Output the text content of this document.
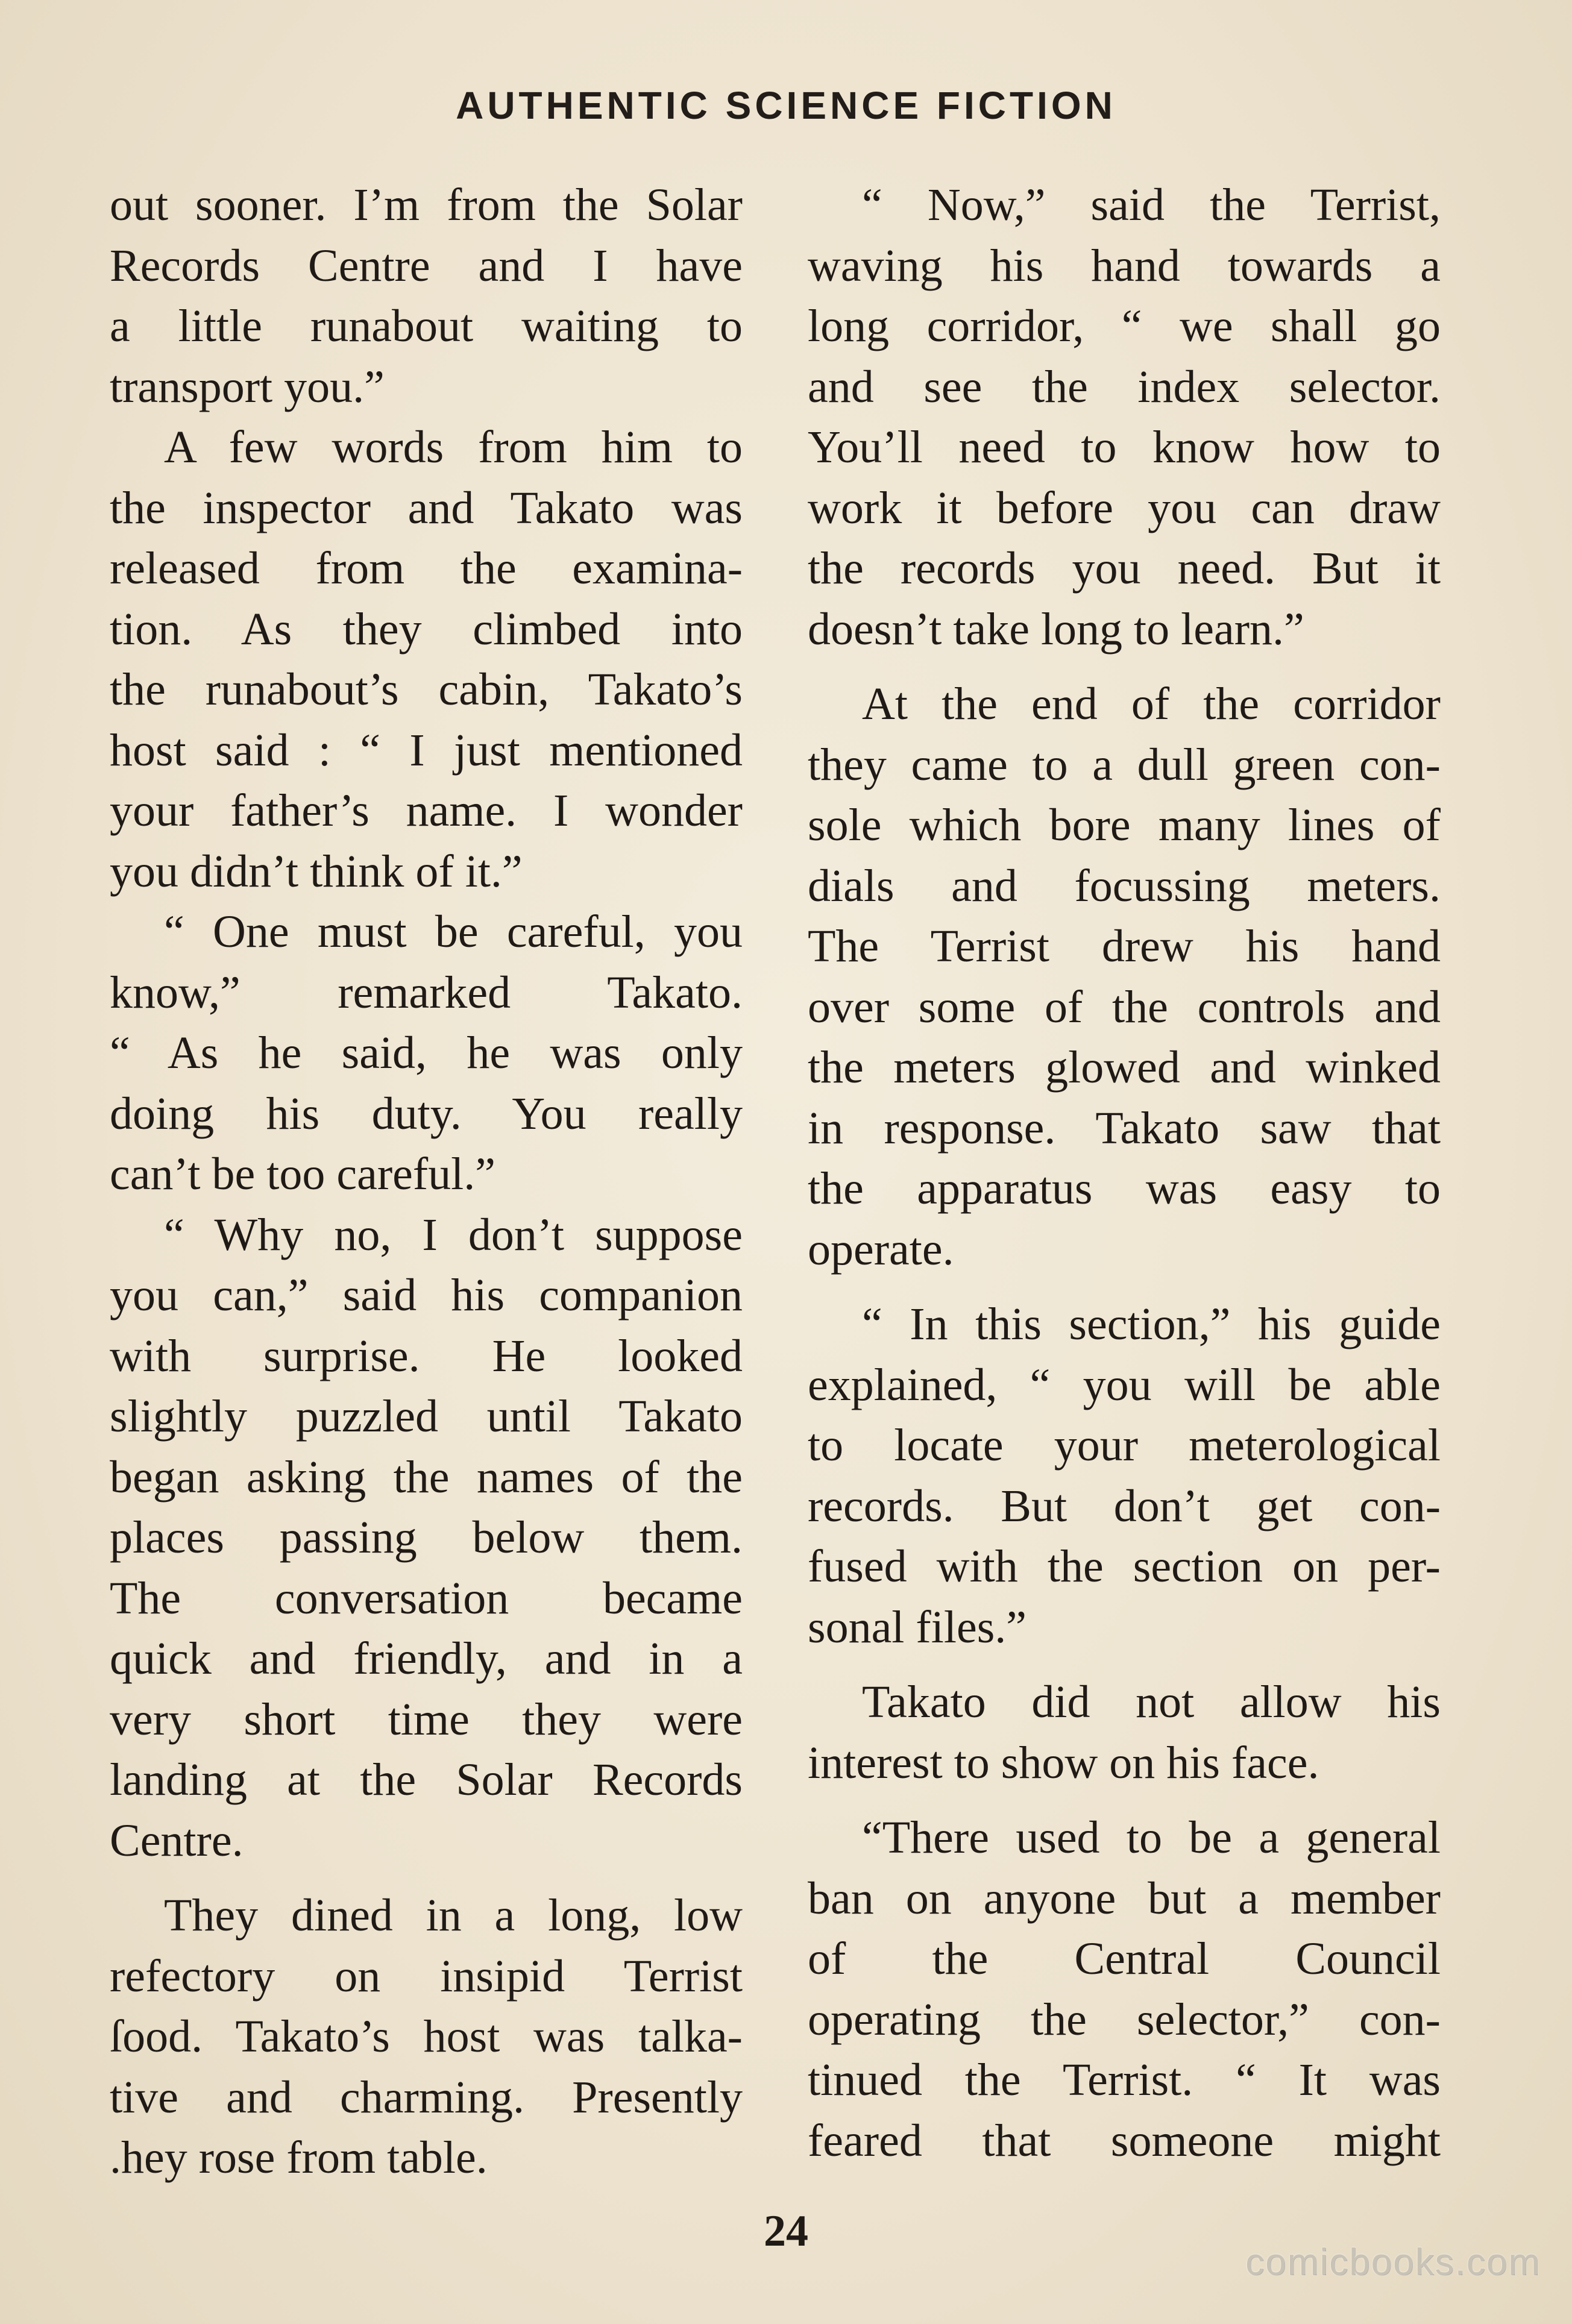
AUTHENTIC SCIENCE FICTION
out sooner. I’m from the Solar
Records Centre and I have
a little runabout waiting to
transport you.”
A few words from him to
the inspector and Takato was
released from the examina-
tion. As they climbed into
the runabout’s cabin, Takato’s
host said : “ I just mentioned
your father’s name. I wonder
you didn’t think of it.”
“ One must be careful, you
know,” remarked Takato.
“ As he said, he was only
doing his duty. You really
can’t be too careful.”
“ Why no, I don’t suppose
you can,” said his companion
with surprise. He looked
slightly puzzled until Takato
began asking the names of the
places passing below them.
The conversation became
quick and friendly, and in a
very short time they were
landing at the Solar Records
Centre.
They dined in a long, low
refectory on insipid Terrist
ſood. Takato’s host was talka-
tive and charming. Presently
.hey rose from table.
“ Now,” said the Terrist,
waving his hand towards a
long corridor, “ we shall go
and see the index selector.
You’ll need to know how to
work it before you can draw
the records you need. But it
doesn’t take long to learn.”
At the end of the corridor
they came to a dull green con-
sole which bore many lines of
dials and focussing meters.
The Terrist drew his hand
over some of the controls and
the meters glowed and winked
in response. Takato saw that
the apparatus was easy to
operate.
“ In this section,” his guide
explained, “ you will be able
to locate your meterological
records. But don’t get con-
fused with the section on per-
sonal files.”
Takato did not allow his
interest to show on his face.
“There used to be a general
ban on anyone but a member
of the Central Council
operating the selector,” con-
tinued the Terrist. “ It was
feared that someone might
24
comicbooks.com
